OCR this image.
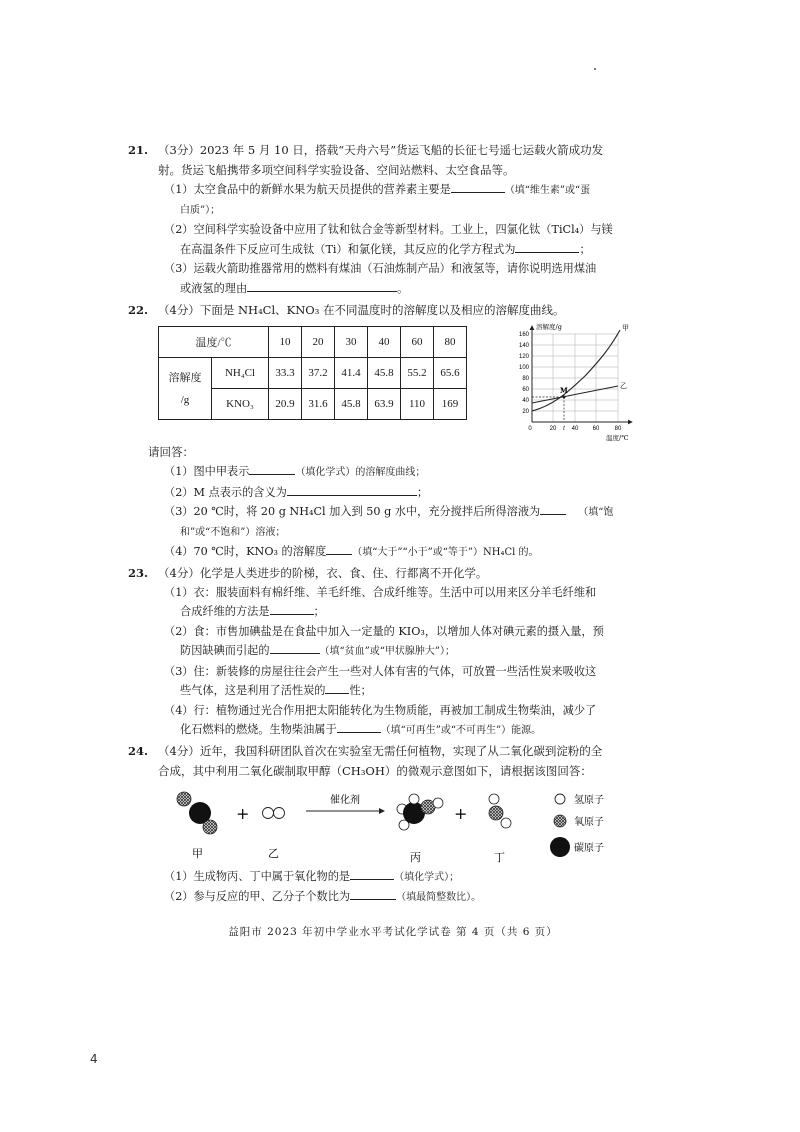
21. （3分）2023 年 5 月 10 日，搭载“天舟六号”货运飞船的长征七号遥七运载火箭成功发
射。货运飞船携带多项空间科学实验设备、空间站燃料、太空食品等。
（1）太空食品中的新鲜水果为航天员提供的营养素主要是	（填“维生素”或“蛋
白质”）；
（2）空间科学实验设备中应用了钛和钛合金等新型材料。工业上，四氯化钛（TiCl₄）与镁
在高温条件下反应可生成钛（Ti）和氯化镁，其反应的化学方程式为	；
（3）运载火箭助推器常用的燃料有煤油（石油炼制产品）和液氢等，请你说明选用煤油
或液氢的理由	。
22. （4分）下面是 NH₄Cl、KNO₃ 在不同温度时的溶解度以及相应的溶解度曲线。
温度/℃		10	20	30	40	60	80
溶解度
/g	NH₄Cl	33.3	37.2	41.4	45.8	55.2	65.6
	KNO₃	20.9	31.6	45.8	63.9	110	169
溶解度/g
160
140
120
100
80
60
40
20
0	20	40 60	80
t
温度/℃
M
甲
乙
请回答：
（1）图中甲表示	（填化学式）的溶解度曲线；
（2）M 点表示的含义为	；
（3）20 ℃时，将 20 g NH₄Cl 加入到 50 g 水中，充分搅拌后所得溶液为	（填“饱
和”或“不饱和”）溶液；
（4）70 ℃时，KNO₃ 的溶解度	（填“大于”“小于”或“等于”）NH₄Cl 的。
23. （4分）化学是人类进步的阶梯，衣、食、住、行都离不开化学。
（1）衣：服装面料有棉纤维、羊毛纤维、合成纤维等。生活中可以用来区分羊毛纤维和
合成纤维的方法是	；
（2）食：市售加碘盐是在食盐中加入一定量的 KIO₃，以增加人体对碘元素的摄入量，预
防因缺碘而引起的	（填“贫血”或“甲状腺肿大”）；
（3）住：新装修的房屋往往会产生一些对人体有害的气体，可放置一些活性炭来吸收这
些气体，这是利用了活性炭的 性；
（4）行：植物通过光合作用把太阳能转化为生物质能，再被加工制成生物柴油，减少了
化石燃料的燃烧。生物柴油属于	（填“可再生”或“不可再生”）能源。
24. （4分）近年，我国科研团队首次在实验室无需任何植物，实现了从二氧化碳到淀粉的全
合成，其中利用二氧化碳制取甲醇（CH₃OH）的微观示意图如下，请根据该图回答：
+
催化剂
+
甲	乙	丙	丁
氢原子
氧原子
碳原子
（1）生成物丙、丁中属于氧化物的是	（填化学式）；
（2）参与反应的甲、乙分子个数比为	（填最简整数比）。
益阳市 2023 年初中学业水平考试化学试卷 第 4 页（共 6 页）
4
